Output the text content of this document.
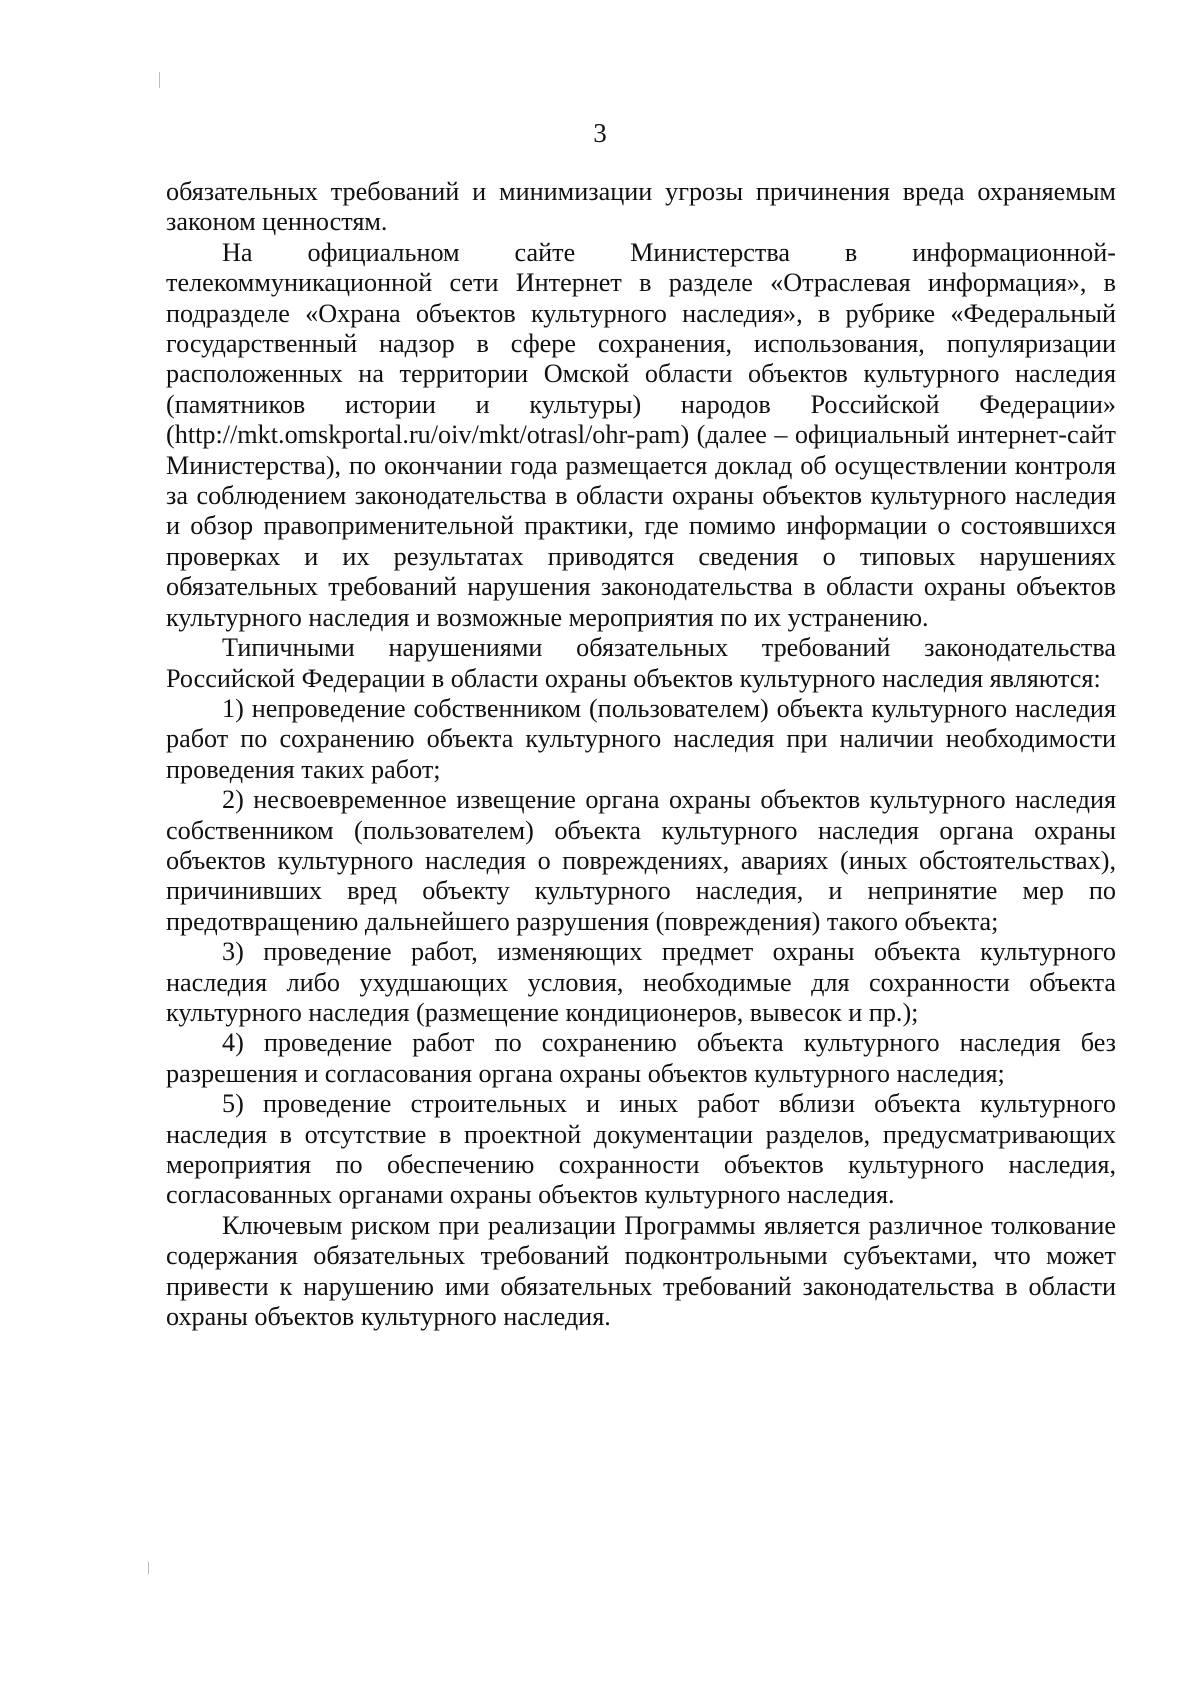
3

обязательных требований и минимизации угрозы причинения вреда охраняемым законом ценностям.

На официальном сайте Министерства в информационной-телекоммуникационной сети Интернет в разделе «Отраслевая информация», в подразделе «Охрана объектов культурного наследия», в рубрике «Федеральный государственный надзор в сфере сохранения, использования, популяризации расположенных на территории Омской области объектов культурного наследия (памятников истории и культуры) народов Российской Федерации» (http://mkt.omskportal.ru/oiv/mkt/otrasl/ohr-pam) (далее – официальный интернет-сайт Министерства), по окончании года размещается доклад об осуществлении контроля за соблюдением законодательства в области охраны объектов культурного наследия и обзор правоприменительной практики, где помимо информации о состоявшихся проверках и их результатах приводятся сведения о типовых нарушениях обязательных требований нарушения законодательства в области охраны объектов культурного наследия и возможные мероприятия по их устранению.

Типичными нарушениями обязательных требований законодательства Российской Федерации в области охраны объектов культурного наследия являются:

1) непроведение собственником (пользователем) объекта культурного наследия работ по сохранению объекта культурного наследия при наличии необходимости проведения таких работ;

2) несвоевременное извещение органа охраны объектов культурного наследия собственником (пользователем) объекта культурного наследия органа охраны объектов культурного наследия о повреждениях, авариях (иных обстоятельствах), причинивших вред объекту культурного наследия, и непринятие мер по предотвращению дальнейшего разрушения (повреждения) такого объекта;

3) проведение работ, изменяющих предмет охраны объекта культурного наследия либо ухудшающих условия, необходимые для сохранности объекта культурного наследия (размещение кондиционеров, вывесок и пр.);

4) проведение работ по сохранению объекта культурного наследия без разрешения и согласования органа охраны объектов культурного наследия;

5) проведение строительных и иных работ вблизи объекта культурного наследия в отсутствие в проектной документации разделов, предусматривающих мероприятия по обеспечению сохранности объектов культурного наследия, согласованных органами охраны объектов культурного наследия.

Ключевым риском при реализации Программы является различное толкование содержания обязательных требований подконтрольными субъектами, что может привести к нарушению ими обязательных требований законодательства в области охраны объектов культурного наследия.
